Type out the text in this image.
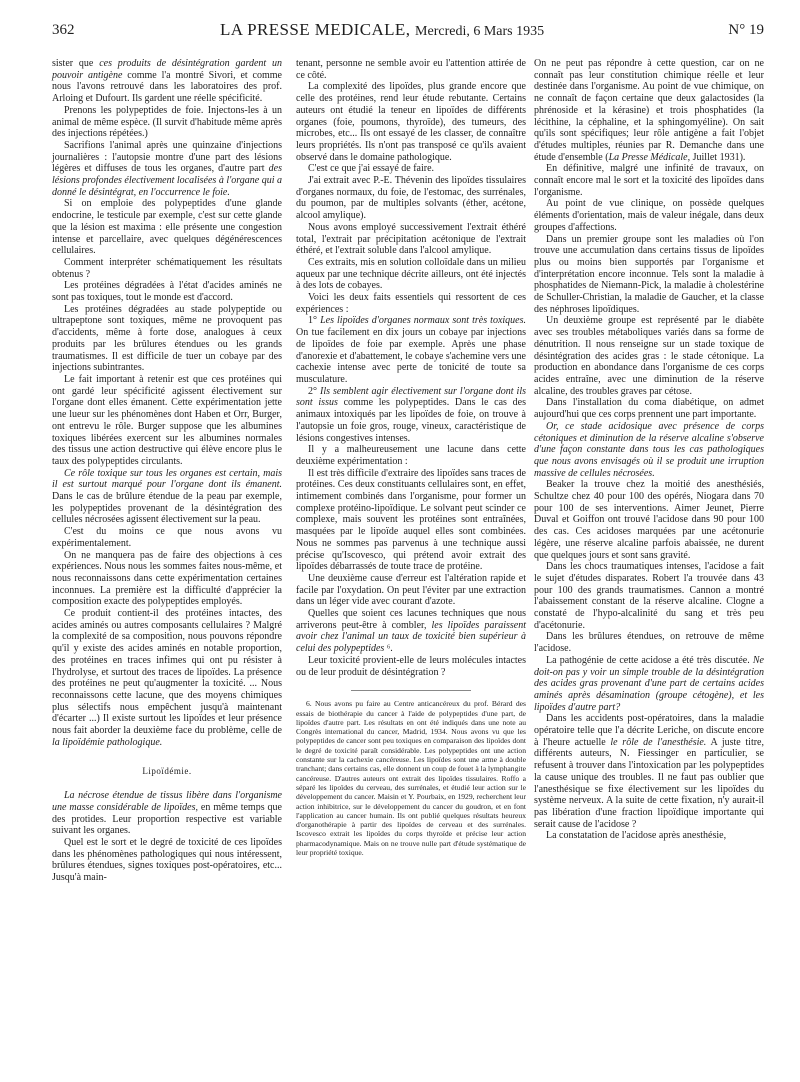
362	LA PRESSE MEDICALE, Mercredi, 6 Mars 1935	N° 19

sister que ces produits de désintégration gardent un pouvoir antigène comme l'a montré Sivori, et comme nous l'avons retrouvé dans les laboratoires des prof. Arloing et Dufourt. Ils gardent une réelle spécificité.

Prenons les polypeptides de foie. Injectons-les à un animal de même espèce. (Il survit d'habitude même après des injections répétées.)

Sacrifions l'animal après une quinzaine d'injections journalières : l'autopsie montre d'une part des lésions légères et diffuses de tous les organes, d'autre part des lésions profondes électivement localisées à l'organe qui a donné le désintégrat, en l'occurrence le foie.

Si on emploie des polypeptides d'une glande endocrine, le testicule par exemple, c'est sur cette glande que la lésion est maxima : elle présente une congestion intense et parcellaire, avec quelques dégénérescences cellulaires.

Comment interpréter schématiquement les résultats obtenus ?

Les protéines dégradées à l'état d'acides aminés ne sont pas toxiques, tout le monde est d'accord.

Les protéines dégradées au stade polypeptide ou ultrapeptone sont toxiques, même ne provoquent pas d'accidents, même à forte dose, analogues à ceux produits par les brûlures étendues ou les grands traumatismes. Il est difficile de tuer un cobaye par des injections subintrantes.

Le fait important à retenir est que ces protéines qui ont gardé leur spécificité agissent électivement sur l'organe dont elles émanent. Cette expérimentation jette une lueur sur les phénomènes dont Haben et Orr, Burger, ont entrevu le rôle. Burger suppose que les albumines toxiques libérées exercent sur les albumines normales des tissus une action destructive qui élève encore plus le taux des polypeptides circulants.

Ce rôle toxique sur tous les organes est certain, mais il est surtout marqué pour l'organe dont ils émanent. Dans le cas de brûlure étendue de la peau par exemple, les polypeptides provenant de la désintégration des cellules nécrosées agissent électivement sur la peau.

C'est du moins ce que nous avons vu expérimentalement.

On ne manquera pas de faire des objections à ces expériences. Nous nous les sommes faites nous-même, et nous reconnaissons dans cette expérimentation certaines inconnues. La première est la difficulté d'apprécier la composition exacte des polypeptides employés.

Ce produit contient-il des protéines intactes, des acides aminés ou autres composants cellulaires ? Malgré la complexité de sa composition, nous pouvons répondre qu'il y existe des acides aminés en notable proportion, des protéines en traces infimes qui ont pu résister à l'hydrolyse, et surtout des traces de lipoïdes. La présence des protéines ne peut qu'augmenter la toxicité. ... Nous reconnaissons cette lacune, que des moyens chimiques plus sélectifs nous empêchent jusqu'à maintenant d'écarter ...) Il existe surtout les lipoïdes et leur présence nous fait aborder la deuxième face du problème, celle de la lipoïdémie pathologique.

Lipoïdémie.

La nécrose étendue de tissus libère dans l'organisme une masse considérable de lipoïdes, en même temps que des protides. Leur proportion respective est variable suivant les organes.

Quel est le sort et le degré de toxicité de ces lipoïdes dans les phénomènes pathologiques qui nous intéressent, brûlures étendues, signes toxiques post-opératoires, etc... Jusqu'à main-

tenant, personne ne semble avoir eu l'attention attirée de ce côté.

La complexité des lipoïdes, plus grande encore que celle des protéines, rend leur étude rebutante. Certains auteurs ont étudié la teneur en lipoïdes de différents organes (foie, poumons, thyroïde), des tumeurs, des microbes, etc... Ils ont essayé de les classer, de connaître leurs propriétés. Ils n'ont pas transposé ce qu'ils avaient observé dans le domaine pathologique.

C'est ce que j'ai essayé de faire.

J'ai extrait avec P.-E. Thévenin des lipoïdes tissulaires d'organes normaux, du foie, de l'estomac, des surrénales, du poumon, par de multiples solvants (éther, acétone, alcool amylique).

Nous avons employé successivement l'extrait éthéré total, l'extrait par précipitation acétonique de l'extrait éthéré, et l'extrait soluble dans l'alcool amylique.

Ces extraits, mis en solution colloïdale dans un milieu aqueux par une technique décrite ailleurs, ont été injectés à des lots de cobayes.

Voici les deux faits essentiels qui ressortent de ces expériences :

1° Les lipoïdes d'organes normaux sont très toxiques. On tue facilement en dix jours un cobaye par injections de lipoïdes de foie par exemple. Après une phase d'anorexie et d'abattement, le cobaye s'achemine vers une cachexie intense avec perte de tonicité de toute sa musculature.

2° Ils semblent agir électivement sur l'organe dont ils sont issus comme les polypeptides. Dans le cas des animaux intoxiqués par les lipoïdes de foie, on trouve à l'autopsie un foie gros, rouge, vineux, caractéristique de lésions congestives intenses.

Il y a malheureusement une lacune dans cette deuxième expérimentation :

Il est très difficile d'extraire des lipoïdes sans traces de protéines. Ces deux constituants cellulaires sont, en effet, intimement combinés dans l'organisme, pour former un complexe protéino-lipoïdique. Le solvant peut scinder ce complexe, mais souvent les protéines sont entraînées, masquées par le lipoïde auquel elles sont combinées. Nous ne sommes pas parvenus à une technique aussi précise qu'Iscovesco, qui prétend avoir extrait des lipoïdes débarrassés de toute trace de protéine.

Une deuxième cause d'erreur est l'altération rapide et facile par l'oxydation. On peut l'éviter par une extraction dans un léger vide avec courant d'azote.

Quelles que soient ces lacunes techniques que nous arriverons peut-être à combler, les lipoïdes paraissent avoir chez l'animal un taux de toxicité bien supérieur à celui des polypeptides ⁶.

Leur toxicité provient-elle de leurs molécules intactes ou de leur produit de désintégration ?

6. Nous avons pu faire au Centre anticancéreux du prof. Bérard des essais de biothérapie du cancer à l'aide de polypeptides d'une part, de lipoïdes d'autre part. Les résultats en ont été indiqués dans une note au Congrès international du cancer, Madrid, 1934. Nous avons vu que les polypeptides de cancer sont peu toxiques en comparaison des lipoïdes dont le degré de toxicité paraît considérable. Les polypeptides ont une action constante sur la cachexie cancéreuse. Les lipoïdes sont une arme à double tranchant; dans certains cas, elle donnent un coup de fouet à la lymphangite cancéreuse. D'autres auteurs ont extrait des lipoïdes tissulaires. Roffo a séparé les lipoïdes du cerveau, des surrénales, et étudié leur action sur le développement du cancer. Maisin et Y. Pourbaix, en 1929, recherchent leur action inhibitrice, sur le développement du cancer du goudron, et en font l'application au cancer humain. Ils ont publié quelques résultats heureux d'organothérapie à partir des lipoïdes de cerveau et des surrénales. Iscovesco extrait les lipoïdes du corps thyroïde et précise leur action pharmacodynamique. Mais on ne trouve nulle part d'étude systématique de leur propriété toxique.

On ne peut pas répondre à cette question, car on ne connaît pas leur constitution chimique réelle et leur destinée dans l'organisme. Au point de vue chimique, on ne connaît de façon certaine que deux galactosides (la phrénoside et la kérasine) et trois phosphatides (la lécithine, la céphaline, et la sphingomyéline). On sait qu'ils sont spécifiques; leur rôle antigène a fait l'objet d'études multiples, réunies par R. Demanche dans une étude d'ensemble (La Presse Médicale, Juillet 1931).

En définitive, malgré une infinité de travaux, on connaît encore mal le sort et la toxicité des lipoïdes dans l'organisme.

Au point de vue clinique, on possède quelques éléments d'orientation, mais de valeur inégale, dans deux groupes d'affections.

Dans un premier groupe sont les maladies où l'on trouve une accumulation dans certains tissus de lipoïdes plus ou moins bien supportés par l'organisme et d'interprétation encore inconnue. Tels sont la maladie à phosphatides de Niemann-Pick, la maladie à cholestérine de Schuller-Christian, la maladie de Gaucher, et la classe des néphroses lipoïdiques.

Un deuxième groupe est représenté par le diabète avec ses troubles métaboliques variés dans sa forme de dénutrition. Il nous renseigne sur un stade toxique de désintégration des acides gras : le stade cétonique. La production en abondance dans l'organisme de ces corps acides entraîne, avec une diminution de la réserve alcaline, des troubles graves par cétose.

Dans l'installation du coma diabétique, on admet aujourd'hui que ces corps prennent une part importante.

Or, ce stade acidosique avec présence de corps cétoniques et diminution de la réserve alcaline s'observe d'une façon constante dans tous les cas pathologiques que nous avons envisagés où il se produit une irruption massive de cellules nécrosées.

Beaker la trouve chez la moitié des anesthésiés, Schultze chez 40 pour 100 des opérés, Niogara dans 70 pour 100 de ses interventions. Aimer Jeunet, Pierre Duval et Goiffon ont trouvé l'acidose dans 90 pour 100 des cas. Ces acidoses marquées par une acétonurie légère, une réserve alcaline parfois abaissée, ne durent que quelques jours et sont sans gravité.

Dans les chocs traumatiques intenses, l'acidose a fait le sujet d'études disparates. Robert l'a trouvée dans 43 pour 100 des grands traumatismes. Cannon a montré l'abaissement constant de la réserve alcaline. Clogne a constaté de l'hypo-alcalinité du sang et très peu d'acétonurie.

Dans les brûlures étendues, on retrouve de même l'acidose.

La pathogénie de cette acidose a été très discutée. Ne doit-on pas y voir un simple trouble de la désintégration des acides gras provenant d'une part de certains acides aminés après désamination (groupe cétogène), et les lipoïdes d'autre part?

Dans les accidents post-opératoires, dans la maladie opératoire telle que l'a décrite Leriche, on discute encore à l'heure actuelle le rôle de l'anesthésie. A juste titre, différents auteurs, N. Fiessinger en particulier, se refusent à trouver dans l'intoxication par les polypeptides la cause unique des troubles. Il ne faut pas oublier que l'anesthésique se fixe électivement sur les lipoïdes du système nerveux. A la suite de cette fixation, n'y aurait-il pas libération d'une fraction lipoïdique importante qui serait cause de l'acidose ?

La constatation de l'acidose après anesthésie,
